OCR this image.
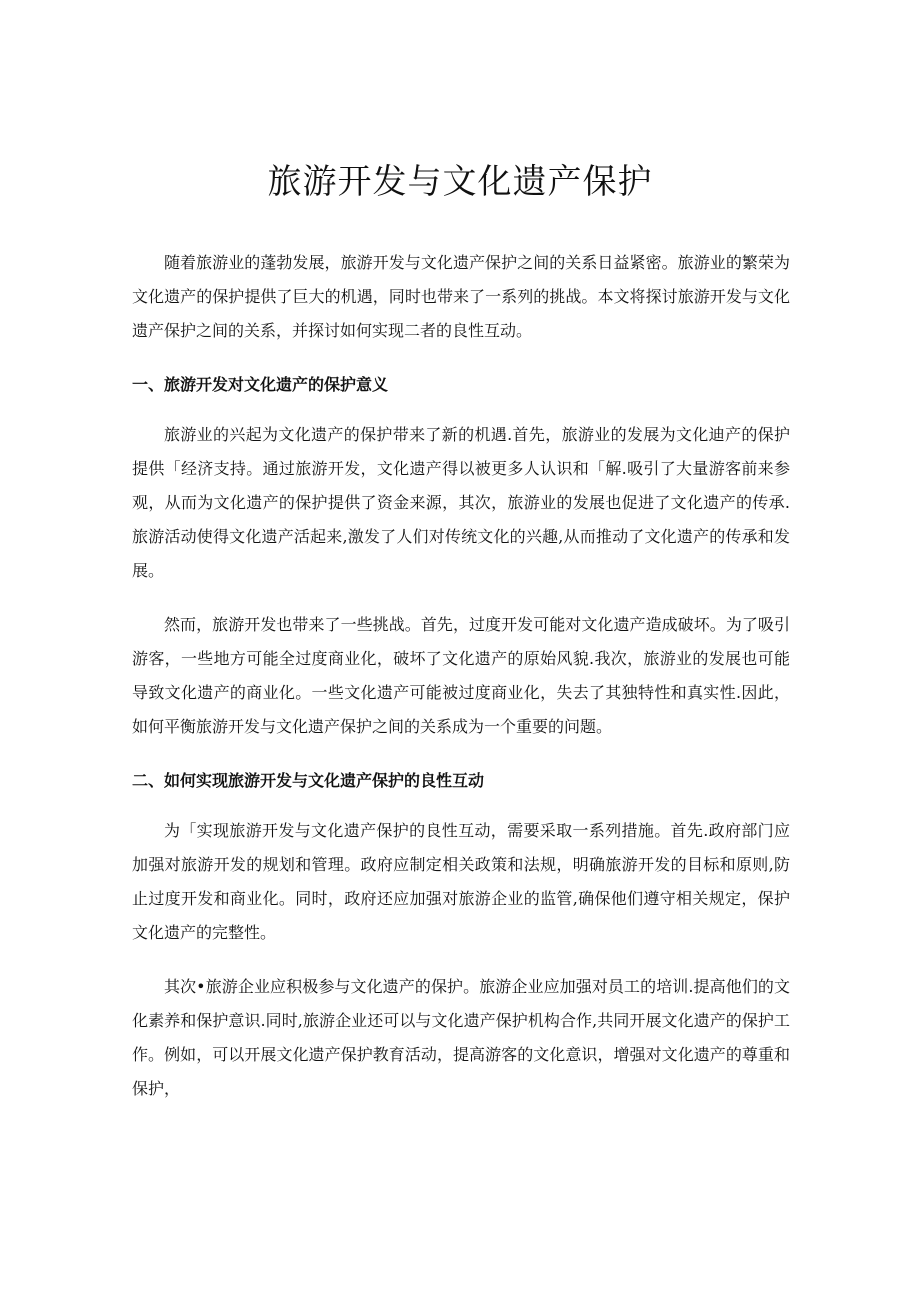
旅游开发与文化遗产保护

随着旅游业的蓬勃发展，旅游开发与文化遗产保护之间的关系日益紧密。旅游业的繁荣为文化遗产的保护提供了巨大的机遇，同时也带来了一系列的挑战。本文将探讨旅游开发与文化遗产保护之间的关系，并探讨如何实现二者的良性互动。

一、旅游开发对文化遗产的保护意义

旅游业的兴起为文化遗产的保护带来了新的机遇.首先，旅游业的发展为文化迪产的保护提供「经济支持。通过旅游开发，文化遗产得以被更多人认识和「解.吸引了大量游客前来参观，从而为文化遗产的保护提供了资金来源，其次，旅游业的发展也促进了文化遗产的传承.旅游活动使得文化遗产活起来,激发了人们对传统文化的兴趣,从而推动了文化遗产的传承和发展。

然而，旅游开发也带来了一些挑战。首先，过度开发可能对文化遗产造成破坏。为了吸引游客，一些地方可能全过度商业化，破坏了文化遗产的原始风貌.我次，旅游业的发展也可能导致文化遗产的商业化。一些文化遗产可能被过度商业化，失去了其独特性和真实性.因此，如何平衡旅游开发与文化遗产保护之间的关系成为一个重要的问题。

二、如何实现旅游开发与文化遗产保护的良性互动

为「实现旅游开发与文化遗产保护的良性互动，需要采取一系列措施。首先.政府部门应加强对旅游开发的规划和管理。政府应制定相关政策和法规，明确旅游开发的目标和原则,防止过度开发和商业化。同时，政府还应加强对旅游企业的监管,确保他们遵守相关规定，保护文化遗产的完整性。

其次•旅游企业应积极参与文化遗产的保护。旅游企业应加强对员工的培训.提高他们的文化素养和保护意识.同时,旅游企业还可以与文化遗产保护机构合作,共同开展文化遗产的保护工作。例如，可以开展文化遗产保护教育活动，提高游客的文化意识，增强对文化遗产的尊重和保护，
